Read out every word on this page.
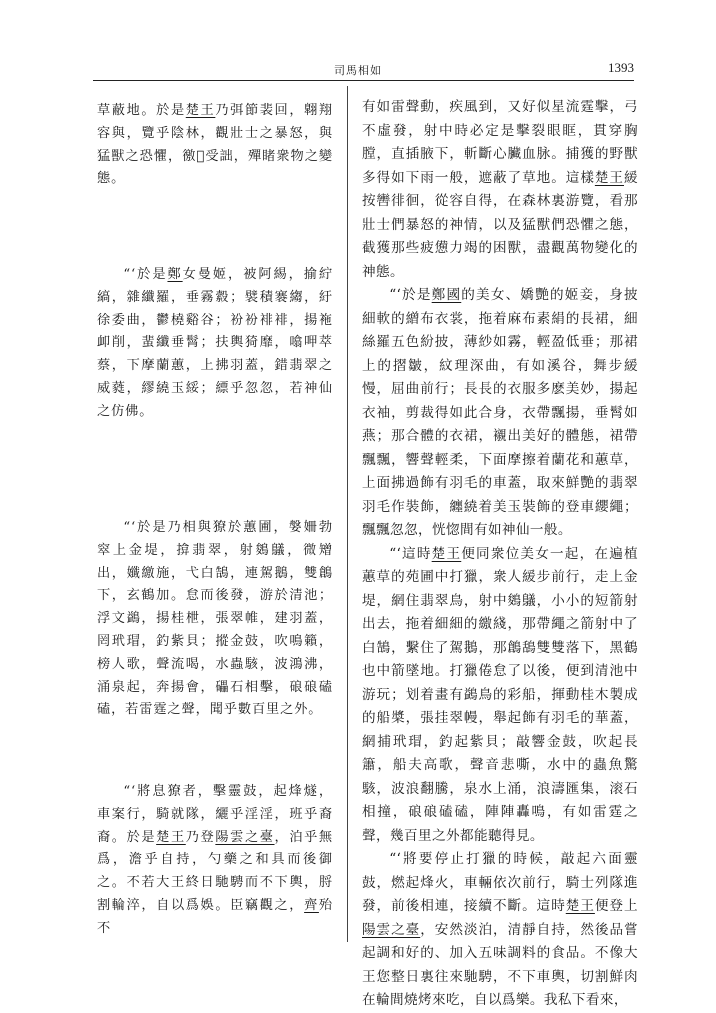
司馬相如	1393

草蔽地。於是楚王乃弭節裴回，翺翔容與，覽乎陰林，觀壯士之暴怒，與猛獸之恐懼，徼𠴅受詘，殫睹衆物之變態。

“‘於是鄭女曼姬，被阿緆，揄紵縞，雜纖羅，垂霧縠；襞積褰縐，紆徐委曲，鬱橈谿谷；衯衯裶裶，揚袘卹削，蜚纖垂髾；扶輿猗靡，噏呷萃蔡，下摩蘭蕙，上拂羽蓋，錯翡翠之威蕤，繆繞玉綏；縹乎忽忽，若神仙之仿佛。

“‘於是乃相與獠於蕙圃，媻姍勃窣上金堤，揜翡翠，射鵕鸃，微矰出，孅繳施，弋白鵠，連駕鵝，雙鶬下，玄鶴加。怠而後發，游於清池；浮文鷁，揚桂枻，張翠帷，建羽蓋，罔玳瑁，釣紫貝；摐金鼓，吹鳴籟，榜人歌，聲流喝，水蟲駭，波鴻沸，涌泉起，奔揚會，礧石相擊，硠硠磕磕，若雷霆之聲，聞乎數百里之外。

“‘將息獠者，擊靈鼓，起烽燧，車案行，騎就隊，纚乎淫淫，班乎裔裔。於是楚王乃登陽雲之臺，泊乎無爲，澹乎自持，勺藥之和具而後御之。不若大王終日馳騁而不下輿，脟割輪淬，自以爲娛。臣竊觀之，齊殆不

有如雷聲動，疾風到，又好似星流霆擊，弓不虛發，射中時必定是擊裂眼眶，貫穿胸膛，直插腋下，斬斷心臟血脉。捕獲的野獸多得如下雨一般，遮蔽了草地。這樣楚王緩按轡徘徊，從容自得，在森林裏游覽，看那壯士們暴怒的神情，以及猛獸們恐懼之態，截獲那些疲憊力竭的困獸，盡觀萬物變化的神態。

“‘於是鄭國的美女、嬌艷的姬妾，身披細軟的繒布衣裳，拖着麻布素絹的長裙，細絲羅五色紛披，薄紗如霧，輕盈低垂；那裙上的摺皺，紋理深曲，有如溪谷，舞步緩慢，屈曲前行；長長的衣服多麽美妙，揚起衣袖，剪裁得如此合身，衣帶飄揚，垂髾如燕；那合體的衣裙，襯出美好的體態，裙帶飄飄，響聲輕柔，下面摩擦着蘭花和蕙草，上面拂過飾有羽毛的車蓋，取來鮮艷的翡翠羽毛作裝飾，纏繞着美玉裝飾的登車纓繩；飄飄忽忽，恍惚間有如神仙一般。

“‘這時楚王便同衆位美女一起，在遍植蕙草的苑圃中打獵，衆人緩步前行，走上金堤，網住翡翠鳥，射中鵕鸃，小小的短箭射出去，拖着細細的繳綫，那帶繩之箭射中了白鵠，繫住了駕鵝，那鶬鴰雙雙落下，黑鶴也中箭墜地。打獵倦怠了以後，便到清池中游玩；划着畫有鷁鳥的彩船，揮動桂木製成的船槳，張挂翠幔，舉起飾有羽毛的華蓋，網捕玳瑁，釣起紫貝；敲響金鼓，吹起長簫，船夫高歌，聲音悲嘶，水中的蟲魚驚駭，波浪翻騰，泉水上涌，浪濤匯集，滚石相撞，硠硠磕磕，陣陣轟鳴，有如雷霆之聲，幾百里之外都能聽得見。

“‘將要停止打獵的時候，敲起六面靈鼓，燃起烽火，車輛依次前行，騎士列隊進發，前後相連，接續不斷。這時楚王便登上陽雲之臺，安然淡泊，清靜自持，然後品嘗起調和好的、加入五味調料的食品。不像大王您整日裏往來馳騁，不下車輿，切割鮮肉在輪間燒烤來吃，自以爲樂。我私下看來，
